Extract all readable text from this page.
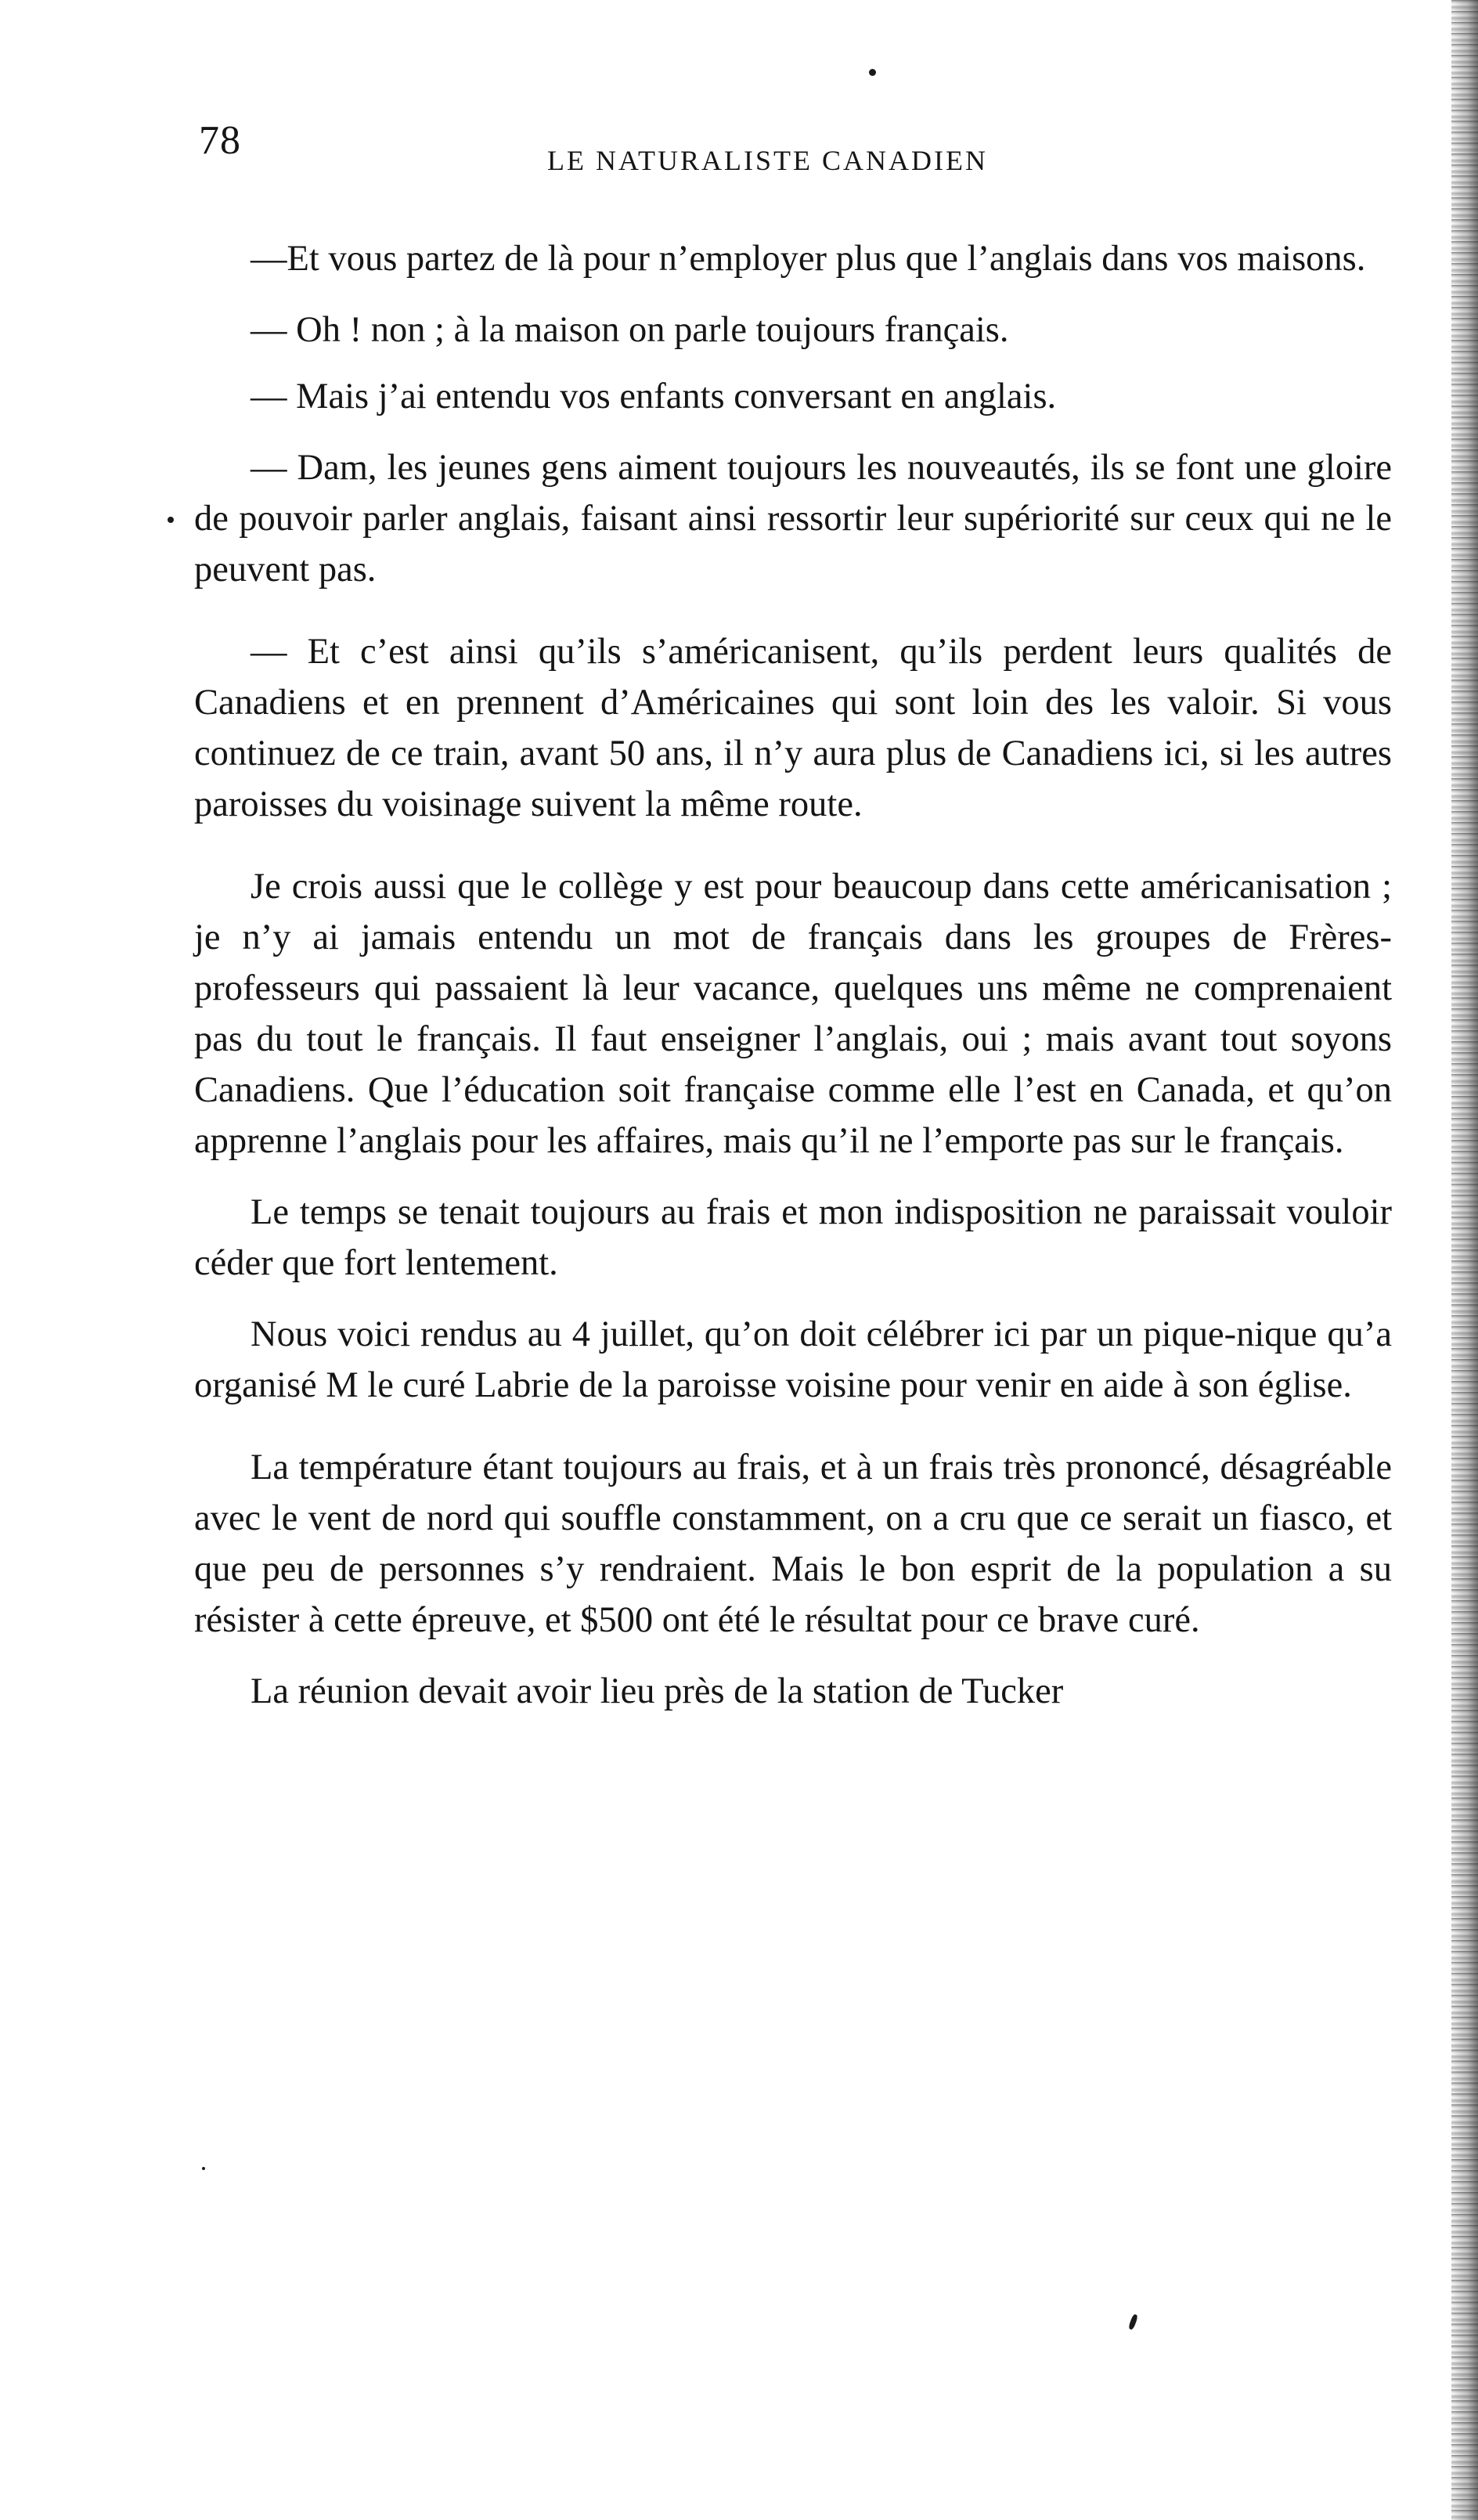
78	LE NATURALISTE CANADIEN

—Et vous partez de là pour n’employer plus que l’anglais dans vos maisons.

— Oh ! non ; à la maison on parle toujours français.

— Mais j’ai entendu vos enfants conversant en anglais.

— Dam, les jeunes gens aiment toujours les nouveautés, ils se font une gloire de pouvoir parler anglais, faisant ainsi ressortir leur supériorité sur ceux qui ne le peuvent pas.

— Et c’est ainsi qu’ils s’américanisent, qu’ils perdent leurs qualités de Canadiens et en prennent d’Américaines qui sont loin des les valoir. Si vous continuez de ce train, avant 50 ans, il n’y aura plus de Canadiens ici, si les autres paroisses du voisinage suivent la même route.

Je crois aussi que le collège y est pour beaucoup dans cette américanisation ; je n’y ai jamais entendu un mot de français dans les groupes de Frères-professeurs qui passaient là leur vacance, quelques uns même ne comprenaient pas du tout le français. Il faut enseigner l’anglais, oui ; mais avant tout soyons Canadiens. Que l’éducation soit française comme elle l’est en Canada, et qu’on apprenne l’anglais pour les affaires, mais qu’il ne l’emporte pas sur le français.

Le temps se tenait toujours au frais et mon indisposition ne paraissait vouloir céder que fort lentement.

Nous voici rendus au 4 juillet, qu’on doit célébrer ici par un pique-nique qu’a organisé M le curé Labrie de la paroisse voisine pour venir en aide à son église.

La température étant toujours au frais, et à un frais très prononcé, désagréable avec le vent de nord qui souffle constamment, on a cru que ce serait un fiasco, et que peu de personnes s’y rendraient. Mais le bon esprit de la population a su résister à cette épreuve, et $500 ont été le résultat pour ce brave curé.

La réunion devait avoir lieu près de la station de Tucker
